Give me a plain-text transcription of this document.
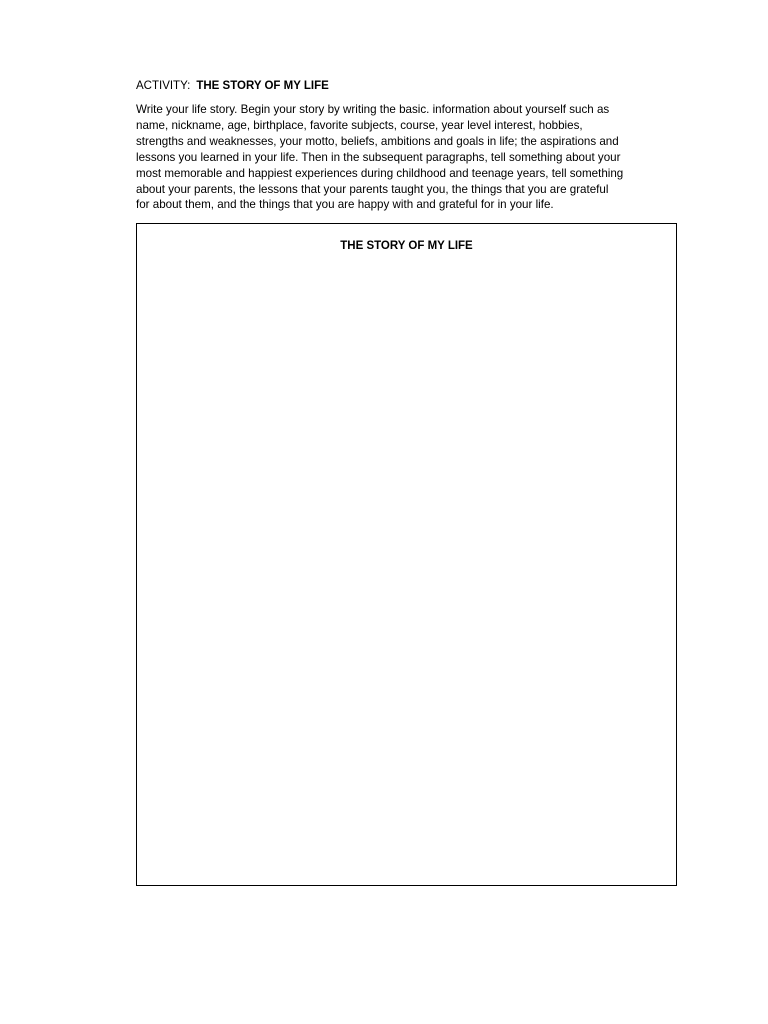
ACTIVITY: THE STORY OF MY LIFE
Write your life story. Begin your story by writing the basic. information about yourself such as
name, nickname, age, birthplace, favorite subjects, course, year level interest, hobbies,
strengths and weaknesses, your motto, beliefs, ambitions and goals in life; the aspirations and
lessons you learned in your life. Then in the subsequent paragraphs, tell something about your
most memorable and happiest experiences during childhood and teenage years, tell something
about your parents, the lessons that your parents taught you, the things that you are grateful
for about them, and the things that you are happy with and grateful for in your life.
THE STORY OF MY LIFE
